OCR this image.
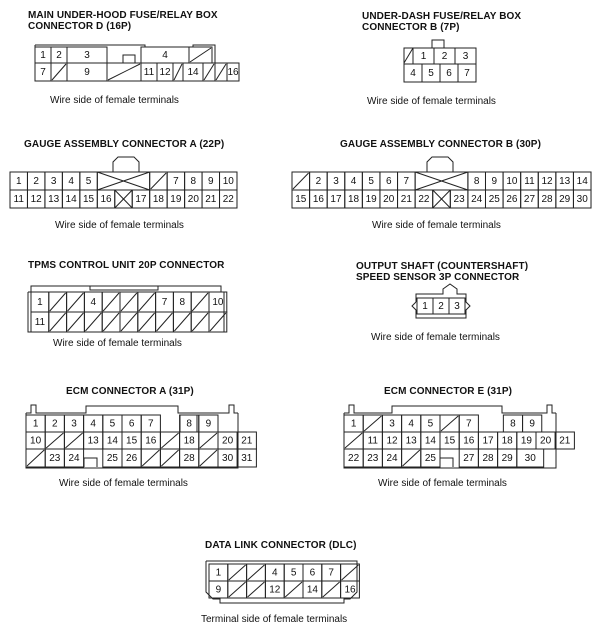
1 2 3	4
7	9	11 12 14	16
1 2 3
4 5 6 7
1 2 3 4 5	7 8 9 10
11 12 13 14 15 16 17 18 19 20 21 22
2 3 4 5 6 7	8 9 10 11 12 13 14
15 16 17 18 19 20 21 22 23 24 25 26 27 28 29 30
1	4	7 8	10
11
1 2 3
1 2 3 4 5 6 7	8 9
10	13 14 15 16	18	20 21
23 24	25 26	28	30 31
1	3 4 5	7	8 9
11 12 13 14 15 16 17 18 19 20 21
22 23 24	25	27 28 29 30
1	4 5 6 7
9	12	14	16
MAIN UNDER-HOOD FUSE/RELAY BOX
CONNECTOR D (16P)
UNDER-DASH FUSE/RELAY BOX
CONNECTOR B (7P)
GAUGE ASSEMBLY CONNECTOR A (22P)	GAUGE ASSEMBLY CONNECTOR B (30P)
TPMS CONTROL UNIT 20P CONNECTOR	OUTPUT SHAFT (COUNTERSHAFT)
SPEED SENSOR 3P CONNECTOR
ECM CONNECTOR A (31P)	ECM CONNECTOR E (31P)
DATA LINK CONNECTOR (DLC)
Wire side of female terminals	Wire side of female terminals
Wire side of female terminals	Wire side of female terminals
Wire side of female terminals
Wire side of female terminals
Wire side of female terminals	Wire side of female terminals
Terminal side of female terminals
